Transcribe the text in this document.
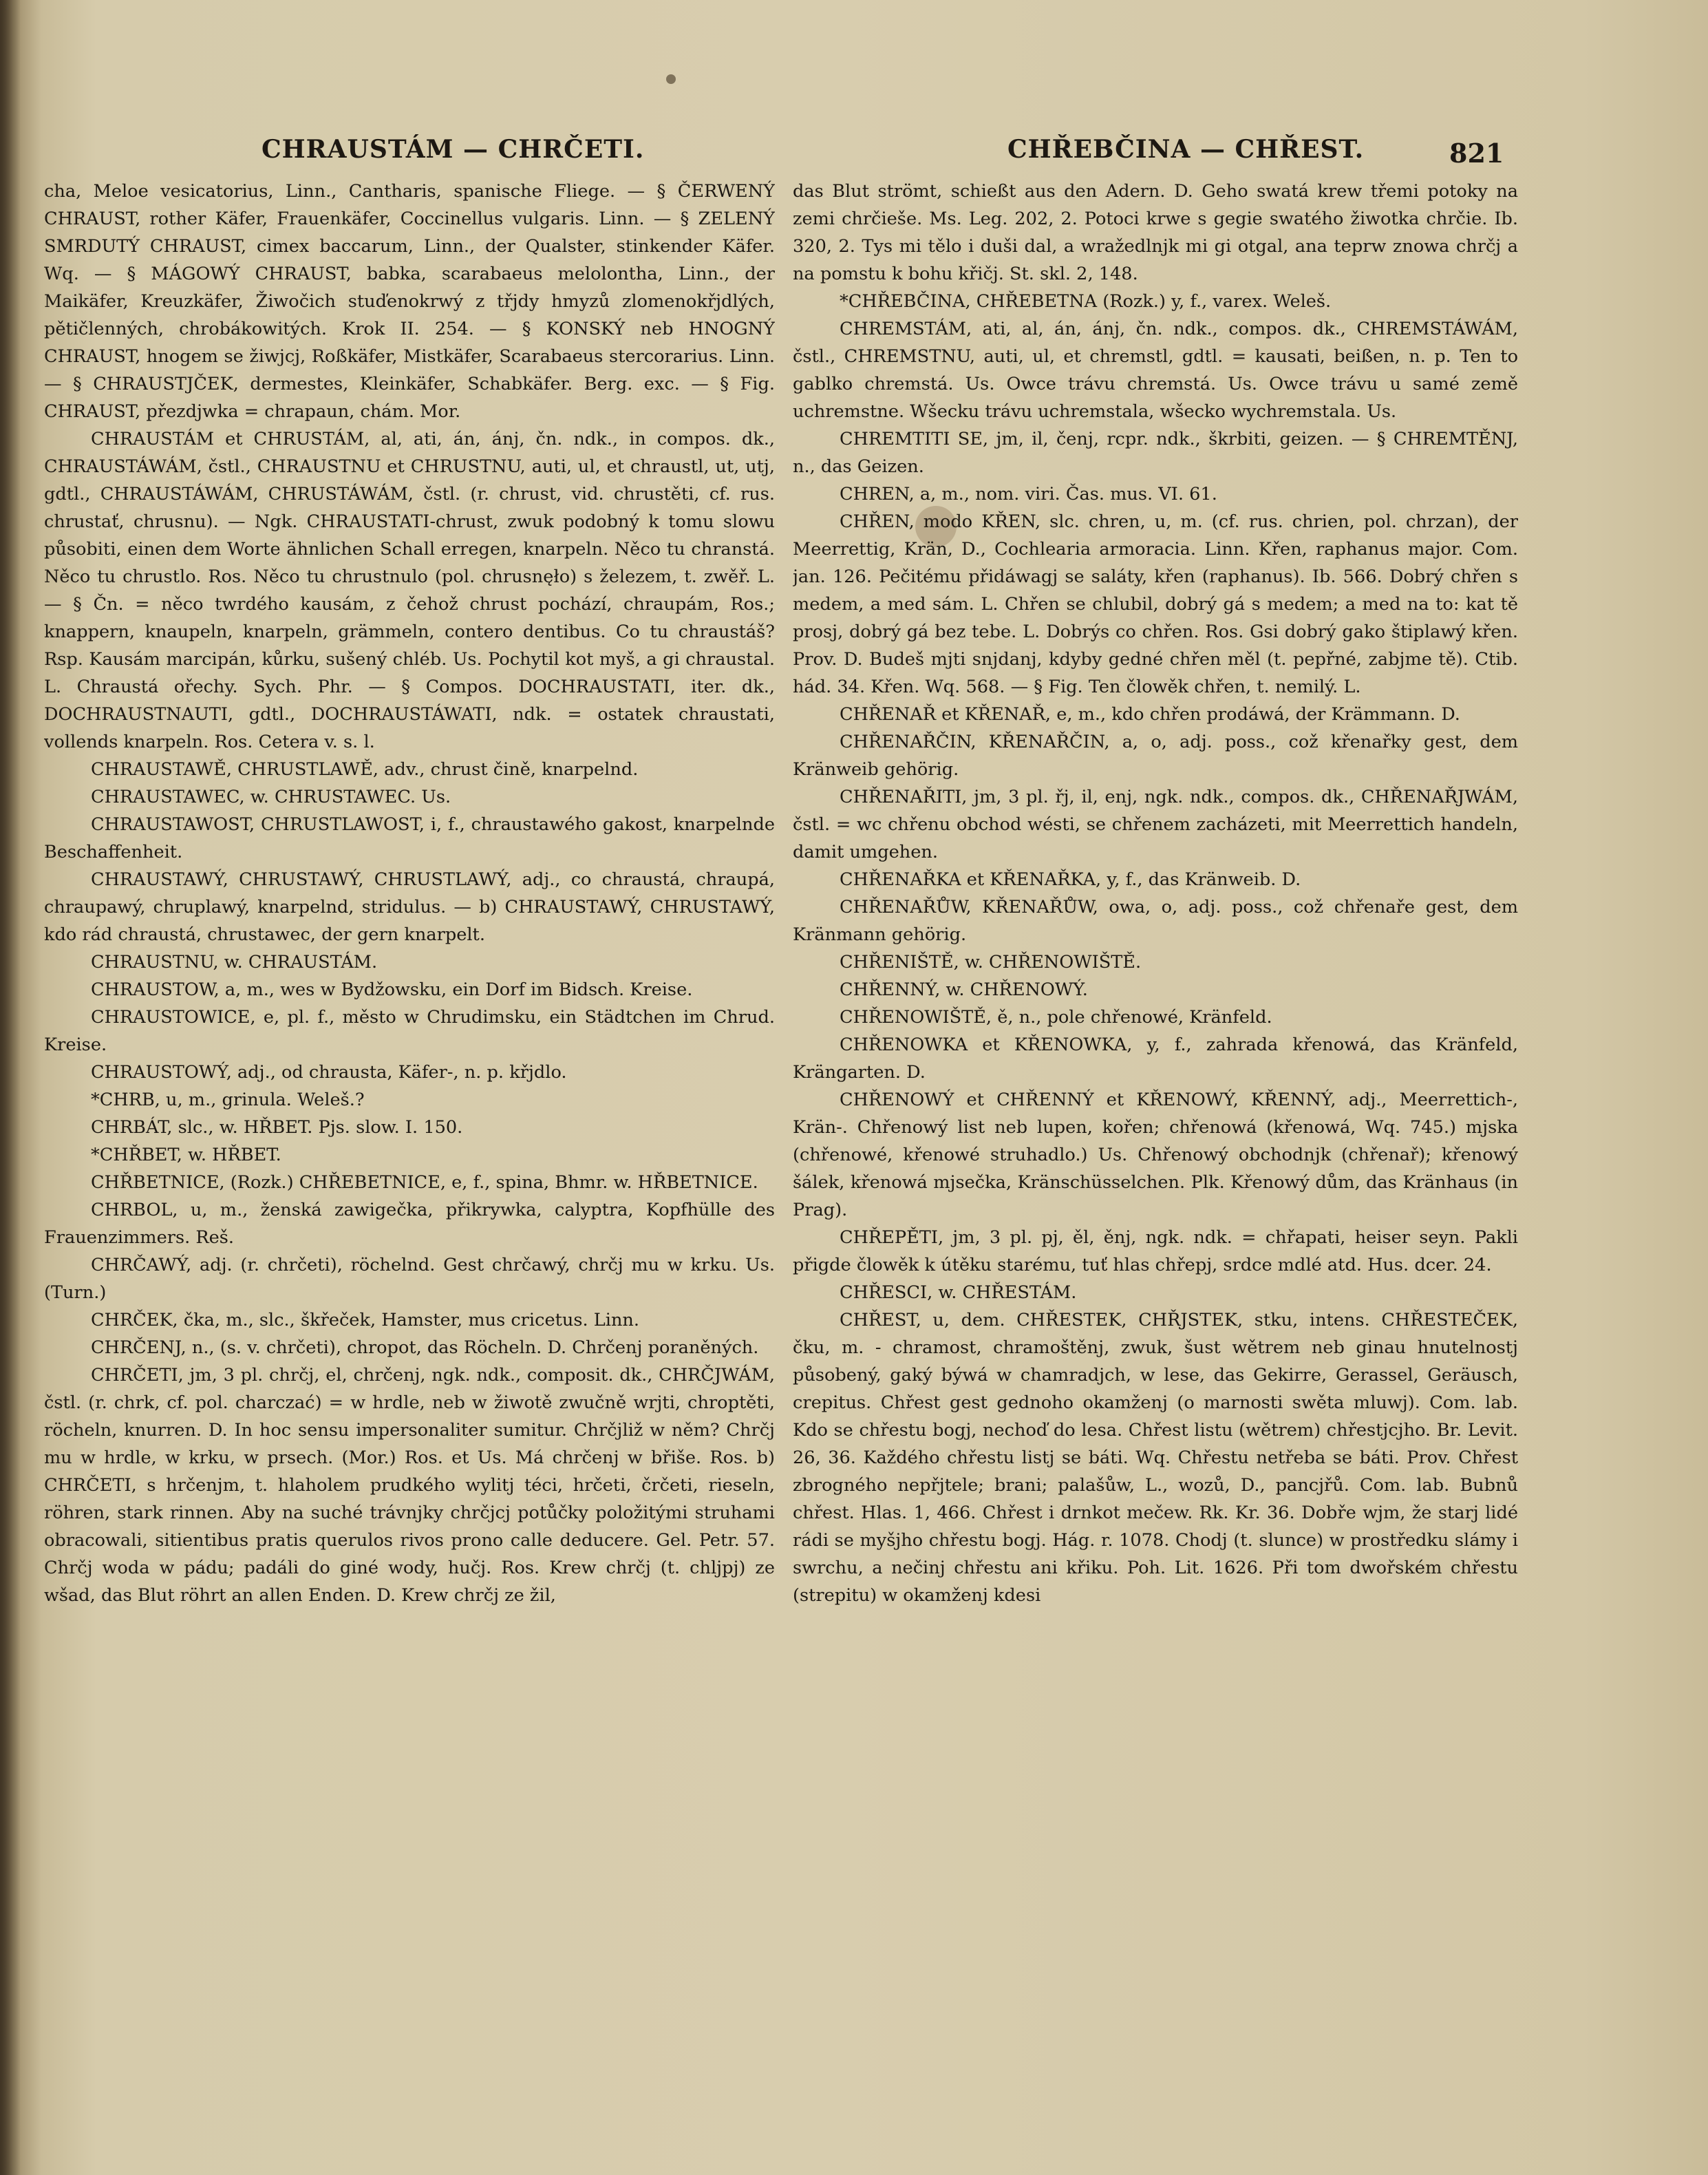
CHRAUSTÁM — CHRČETI.	CHŘEBČINA — CHŘEST.	821

cha, Meloe vesicatorius, Linn., Cantharis, spanische Fliege. — § ČERWENÝ CHRAUST, rother Käfer, Frauenkäfer, Coccinellus vulgaris. Linn. — § ZELENÝ SMRDUTÝ CHRAUST, cimex baccarum, Linn., der Qualster, stinkender Käfer. Wq. — § MÁGOWÝ CHRAUST, babka, scarabaeus melolontha, Linn., der Maikäfer, Kreuzkäfer, Žiwočich stuďenokrwý z třjdy hmyzů zlomenokřjdlých, pětičlenných, chrobákowitých. Krok II. 254. — § KONSKÝ neb HNOGNÝ CHRAUST, hnogem se žiwjcj, Roßkäfer, Mistkäfer, Scarabaeus stercorarius. Linn. — § CHRAUSTJČEK, dermestes, Kleinkäfer, Schabkäfer. Berg. exc. — § Fig. CHRAUST, přezdjwka = chrapaun, chám. Mor.

CHRAUSTÁM et CHRUSTÁM, al, ati, án, ánj, čn. ndk., in compos. dk., CHRAUSTÁWÁM, čstl., CHRAUSTNU et CHRUSTNU, auti, ul, et chraustl, ut, utj, gdtl., CHRAUSTÁWÁM, CHRUSTÁWÁM, čstl. (r. chrust, vid. chrustěti, cf. rus. chrustať, chrusnu). — Ngk. CHRAUSTATI-chrust, zwuk podobný k tomu slowu působiti, einen dem Worte ähnlichen Schall erregen, knarpeln. Něco tu chranstá. Něco tu chrustlo. Ros. Něco tu chrustnulo (pol. chrusnęło) s železem, t. zwěř. L. — § Čn. = něco twrdého kausám, z čehož chrust pochází, chraupám, Ros.; knappern, knaupeln, knarpeln, grämmeln, contero dentibus. Co tu chraustáš? Rsp. Kausám marcipán, kůrku, sušený chléb. Us. Pochytil kot myš, a gi chraustal. L. Chraustá ořechy. Sych. Phr. — § Compos. DOCHRAUSTATI, iter. dk., DOCHRAUSTNAUTI, gdtl., DOCHRAUSTÁWATI, ndk. = ostatek chraustati, vollends knarpeln. Ros. Cetera v. s. l.

CHRAUSTAWĚ, CHRUSTLAWĚ, adv., chrust čině, knarpelnd.

CHRAUSTAWEC, w. CHRUSTAWEC. Us.

CHRAUSTAWOST, CHRUSTLAWOST, i, f., chraustawého gakost, knarpelnde Beschaffenheit.

CHRAUSTAWÝ, CHRUSTAWÝ, CHRUSTLAWÝ, adj., co chraustá, chraupá, chraupawý, chruplawý, knarpelnd, stridulus. — b) CHRAUSTAWÝ, CHRUSTAWÝ, kdo rád chraustá, chrustawec, der gern knarpelt.

CHRAUSTNU, w. CHRAUSTÁM.

CHRAUSTOW, a, m., wes w Bydžowsku, ein Dorf im Bidsch. Kreise.

CHRAUSTOWICE, e, pl. f., město w Chrudimsku, ein Städtchen im Chrud. Kreise.

CHRAUSTOWÝ, adj., od chrausta, Käfer-, n. p. křjdlo.

*CHRB, u, m., grinula. Weleš.?

CHRBÁT, slc., w. HŘBET. Pjs. slow. I. 150.

*CHŘBET, w. HŘBET.

CHŘBETNICE, (Rozk.) CHŘEBETNICE, e, f., spina, Bhmr. w. HŘBETNICE.

CHRBOL, u, m., ženská zawigečka, přikrywka, calyptra, Kopfhülle des Frauenzimmers. Reš.

CHRČAWÝ, adj. (r. chrčeti), röchelnd. Gest chrčawý, chrčj mu w krku. Us. (Turn.)

CHRČEK, čka, m., slc., škřeček, Hamster, mus cricetus. Linn.

CHRČENJ, n., (s. v. chrčeti), chropot, das Röcheln. D. Chrčenj poraněných.

CHRČETI, jm, 3 pl. chrčj, el, chrčenj, ngk. ndk., composit. dk., CHRČJWÁM, čstl. (r. chrk, cf. pol. charczać) = w hrdle, neb w žiwotě zwučně wrjti, chroptěti, röcheln, knurren. D. In hoc sensu impersonaliter sumitur. Chrčjliž w něm? Chrčj mu w hrdle, w krku, w prsech. (Mor.) Ros. et Us. Má chrčenj w břiše. Ros. b) CHRČETI, s hrčenjm, t. hlaholem prudkého wylitj téci, hrčeti, črčeti, rieseln, röhren, stark rinnen. Aby na suché trávnjky chrčjcj potůčky položitými struhami obracowali, sitientibus pratis querulos rivos prono calle deducere. Gel. Petr. 57. Chrčj woda w pádu; padáli do giné wody, hučj. Ros. Krew chrčj (t. chljpj) ze wšad, das Blut röhrt an allen Enden. D. Krew chrčj ze žil,

das Blut strömt, schießt aus den Adern. D. Geho swatá krew třemi potoky na zemi chrčieše. Ms. Leg. 202, 2. Potoci krwe s gegie swatého žiwotka chrčie. Ib. 320, 2. Tys mi tělo i duši dal, a wražedlnjk mi gi otgal, ana teprw znowa chrčj a na pomstu k bohu křičj. St. skl. 2, 148.

*CHŘEBČINA, CHŘEBETNA (Rozk.) y, f., varex. Weleš.

CHREMSTÁM, ati, al, án, ánj, čn. ndk., compos. dk., CHREMSTÁWÁM, čstl., CHREMSTNU, auti, ul, et chremstl, gdtl. = kausati, beißen, n. p. Ten to gablko chremstá. Us. Owce trávu chremstá. Us. Owce trávu u samé země uchremstne. Wšecku trávu uchremstala, wšecko wychremstala. Us.

CHREMTITI SE, jm, il, čenj, rcpr. ndk., škrbiti, geizen. — § CHREMTĚNJ, n., das Geizen.

CHREN, a, m., nom. viri. Čas. mus. VI. 61.

CHŘEN, modo KŘEN, slc. chren, u, m. (cf. rus. chrien, pol. chrzan), der Meerrettig, Krän, D., Cochlearia armoracia. Linn. Křen, raphanus major. Com. jan. 126. Pečitému přidáwagj se saláty, křen (raphanus). Ib. 566. Dobrý chřen s medem, a med sám. L. Chřen se chlubil, dobrý gá s medem; a med na to: kat tě prosj, dobrý gá bez tebe. L. Dobrýs co chřen. Ros. Gsi dobrý gako štiplawý křen. Prov. D. Budeš mjti snjdanj, kdyby gedné chřen měl (t. pepřné, zabjme tě). Ctib. hád. 34. Křen. Wq. 568. — § Fig. Ten člowěk chřen, t. nemilý. L.

CHŘENAŘ et KŘENAŘ, e, m., kdo chřen prodáwá, der Krämmann. D.

CHŘENAŘČIN, KŘENAŘČIN, a, o, adj. poss., což křenařky gest, dem Kränweib gehörig.

CHŘENAŘITI, jm, 3 pl. řj, il, enj, ngk. ndk., compos. dk., CHŘENAŘJWÁM, čstl. = wc chřenu obchod wésti, se chřenem zacházeti, mit Meerrettich handeln, damit umgehen.

CHŘENAŘKA et KŘENAŘKA, y, f., das Kränweib. D.

CHŘENAŘŮW, KŘENAŘŮW, owa, o, adj. poss., což chřenaře gest, dem Kränmann gehörig.

CHŘENIŠTĚ, w. CHŘENOWIŠTĚ.

CHŘENNÝ, w. CHŘENOWÝ.

CHŘENOWIŠTĚ, ě, n., pole chřenowé, Kränfeld.

CHŘENOWKA et KŘENOWKA, y, f., zahrada křenowá, das Kränfeld, Krängarten. D.

CHŘENOWÝ et CHŘENNÝ et KŘENOWÝ, KŘENNÝ, adj., Meerrettich-, Krän-. Chřenowý list neb lupen, kořen; chřenowá (křenowá, Wq. 745.) mjska (chřenowé, křenowé struhadlo.) Us. Chřenowý obchodnjk (chřenař); křenowý šálek, křenowá mjsečka, Kränschüsselchen. Plk. Křenowý dům, das Kränhaus (in Prag).

CHŘEPĚTI, jm, 3 pl. pj, ěl, ěnj, ngk. ndk. = chřapati, heiser seyn. Pakli přigde člowěk k útěku starému, tuť hlas chřepj, srdce mdlé atd. Hus. dcer. 24.

CHŘESCI, w. CHŘESTÁM.

CHŘEST, u, dem. CHŘESTEK, CHŘJSTEK, stku, intens. CHŘESTEČEK, čku, m. - chramost, chramoštěnj, zwuk, šust wětrem neb ginau hnutelnostj působený, gaký býwá w chamradjch, w lese, das Gekirre, Gerassel, Geräusch, crepitus. Chřest gest gednoho okamženj (o marnosti swěta mluwj). Com. lab. Kdo se chřestu bogj, nechoď do lesa. Chřest listu (wětrem) chřestjcjho. Br. Levit. 26, 36. Každého chřestu listj se báti. Wq. Chřestu netřeba se báti. Prov. Chřest zbrogného nepřjtele; brani; palašůw, L., wozů, D., pancjřů. Com. lab. Bubnů chřest. Hlas. 1, 466. Chřest i drnkot mečew. Rk. Kr. 36. Dobře wjm, že starj lidé rádi se myšjho chřestu bogj. Hág. r. 1078. Chodj (t. slunce) w prostředku slámy i swrchu, a nečinj chřestu ani křiku. Poh. Lit. 1626. Při tom dwořském chřestu (strepitu) w okamženj kdesi
